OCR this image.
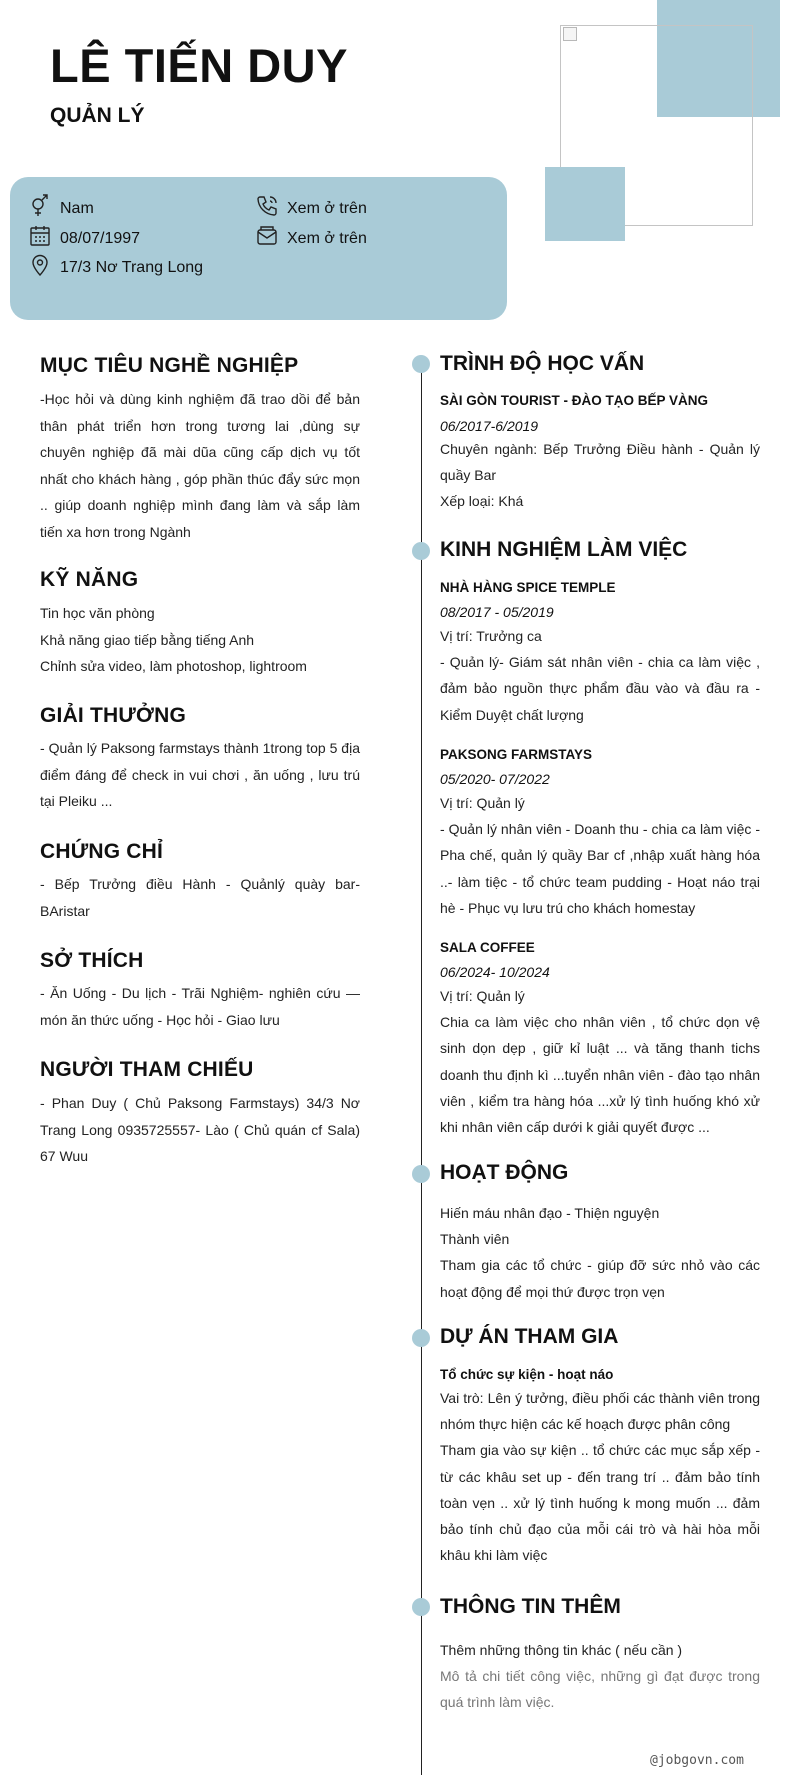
LÊ TIẾN DUY
QUẢN LÝ
Nam
08/07/1997
17/3 Nơ Trang Long
Xem ở trên
Xem ở trên
MỤC TIÊU NGHỀ NGHIỆP
-Học hỏi và dùng kinh nghiệm đã trao dồi để bản thân phát triển hơn trong tương lai ,dùng sự chuyên nghiệp đã mài dũa cũng cấp dịch vụ tốt nhất cho khách hàng , góp phần thúc đẩy sức mọn .. giúp doanh nghiệp mình đang làm và sắp làm tiến xa hơn trong Ngành
KỸ NĂNG
Tin học văn phòng
Khả năng giao tiếp bằng tiếng Anh
Chỉnh sửa video, làm photoshop, lightroom
GIẢI THƯỞNG
- Quản lý Paksong farmstays thành 1trong top 5 địa điểm đáng để check in vui chơi , ăn uống , lưu trú tại Pleiku ...
CHỨNG CHỈ
- Bếp Trưởng điều Hành - Quảnlý quày bar- BAristar
SỞ THÍCH
- Ăn Uống - Du lịch - Trãi Nghiệm- nghiên cứu — món ăn thức uống - Học hỏi - Giao lưu
NGƯỜI THAM CHIẾU
- Phan Duy ( Chủ Paksong Farmstays) 34/3 Nơ Trang Long 0935725557- Lào ( Chủ quán cf Sala) 67 Wuu
TRÌNH ĐỘ HỌC VẤN
SÀI GÒN TOURIST - ĐÀO TẠO BẾP VÀNG
06/2017-6/2019
Chuyên ngành: Bếp Trưởng Điều hành - Quản lý quầy Bar
Xếp loại: Khá
KINH NGHIỆM LÀM VIỆC
NHÀ HÀNG SPICE TEMPLE
08/2017 - 05/2019
Vị trí: Trưởng ca
- Quản lý- Giám sát nhân viên - chia ca làm việc , đảm bảo nguồn thực phẩm đầu vào và đầu ra - Kiểm Duyệt chất lượng
PAKSONG FARMSTAYS
05/2020- 07/2022
Vị trí: Quản lý
- Quản lý nhân viên - Doanh thu - chia ca làm việc - Pha chế, quản lý quầy Bar cf ,nhập xuất hàng hóa ..- làm tiệc - tổ chức team pudding - Hoạt náo trại hè - Phục vụ lưu trú cho khách homestay
SALA COFFEE
06/2024- 10/2024
Vị trí: Quản lý
Chia ca làm việc cho nhân viên , tổ chức dọn vệ sinh dọn dẹp , giữ kỉ luật ... và tăng thanh tichs doanh thu định kì ...tuyển nhân viên - đào tạo nhân viên , kiểm tra hàng hóa ...xử lý tình huống khó xử khi nhân viên cấp dưới k giải quyết được ...
HOẠT ĐỘNG
Hiến máu nhân đạo - Thiện nguyện
Thành viên
Tham gia các tổ chức - giúp đỡ sức nhỏ vào các hoạt động để mọi thứ được trọn vẹn
DỰ ÁN THAM GIA
Tổ chức sự kiện - hoạt náo
Vai trò: Lên ý tưởng, điều phối các thành viên trong nhóm thực hiện các kế hoạch được phân công
Tham gia vào sự kiện .. tổ chức các mục sắp xếp - từ các khâu set up - đến trang trí .. đảm bảo tính toàn vẹn .. xử lý tình huống k mong muốn ... đảm bảo tính chủ đạo của mỗi cái trò và hài hòa mỗi khâu khi làm việc
THÔNG TIN THÊM
Thêm những thông tin khác ( nếu cần )
Mô tả chi tiết công việc, những gì đạt được trong quá trình làm việc.
@jobgovn.com
